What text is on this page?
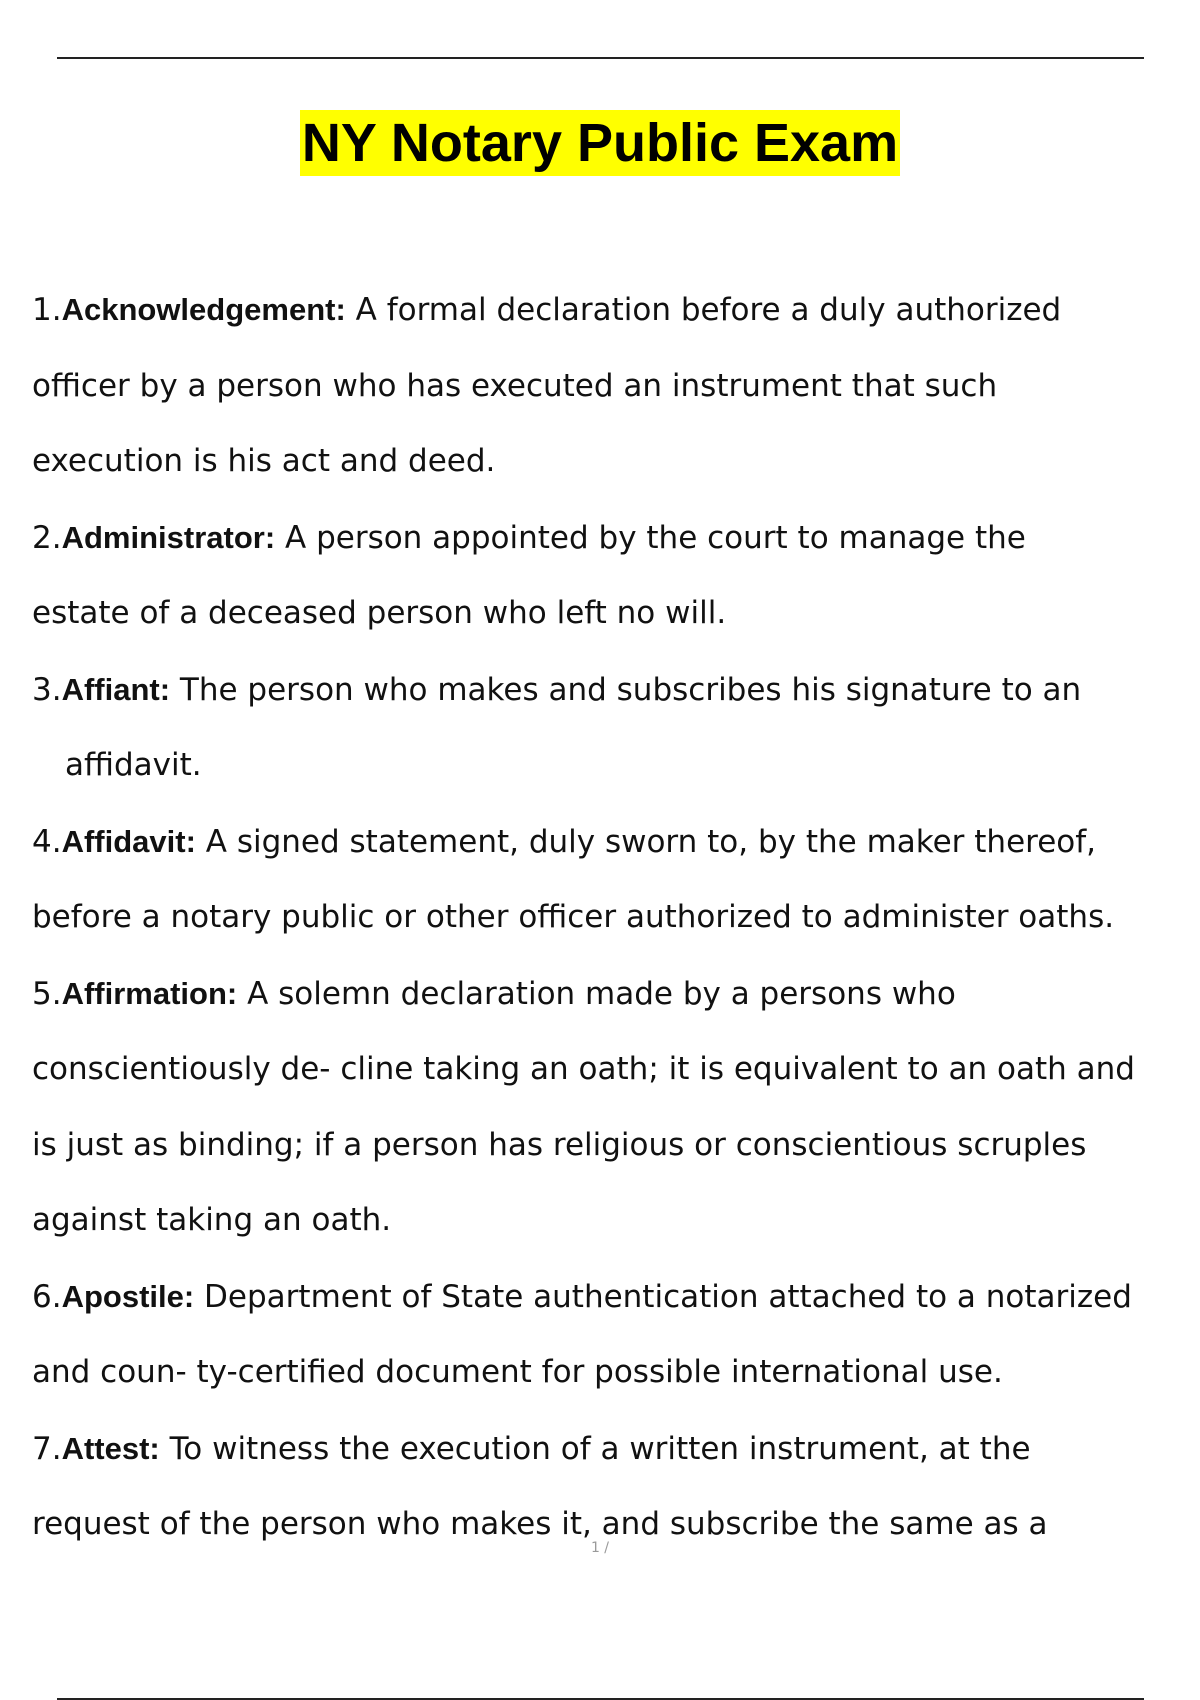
NY Notary Public Exam
1.Acknowledgement: A formal declaration before a duly authorized
officer by a person who has executed an instrument that such
execution is his act and deed.
2.Administrator: A person appointed by the court to manage the
estate of a deceased person who left no will.
3.Affiant: The person who makes and subscribes his signature to an
affidavit.
4.Affidavit: A signed statement, duly sworn to, by the maker thereof,
before a notary public or other officer authorized to administer oaths.
5.Affirmation: A solemn declaration made by a persons who
conscientiously de- cline taking an oath; it is equivalent to an oath and
is just as binding; if a person has religious or conscientious scruples
against taking an oath.
6.Apostile: Department of State authentication attached to a notarized
and coun- ty-certified document for possible international use.
7.Attest: To witness the execution of a written instrument, at the
request of the person who makes it, and subscribe the same as a
1 /
